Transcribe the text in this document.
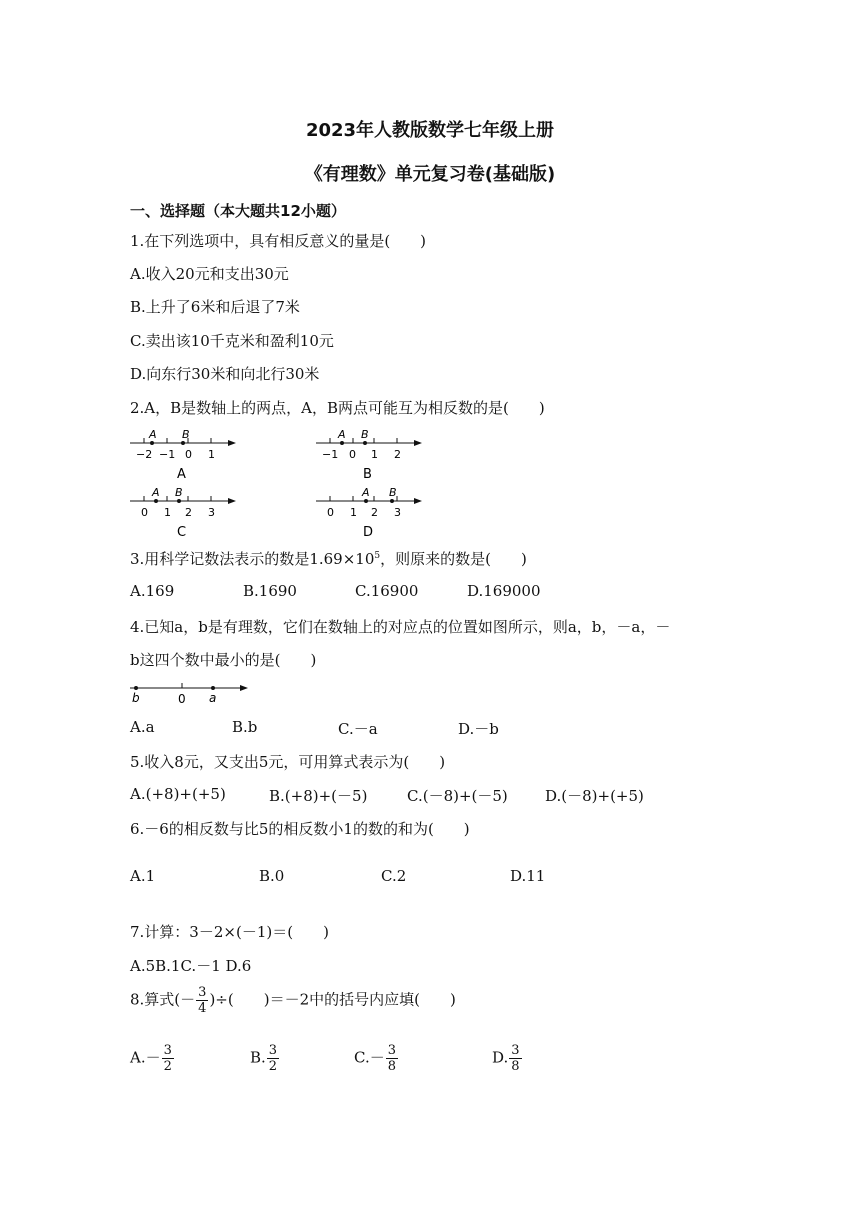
2023年人教版数学七年级上册
《有理数》单元复习卷(基础版)
一、选择题（本大题共12小题）
1.在下列选项中，具有相反意义的量是(　　)
A.收入20元和支出30元
B.上升了6米和后退了7米
C.卖出该10千克米和盈利10元
D.向东行30米和向北行30米
2.A，B是数轴上的两点，A，B两点可能互为相反数的是(　　)
A B
−2 −1 0 1
A
A B
−1 0 1 2
B
A B
0 1 2 3
C
A B
0 1 2 3
D
3.用科学记数法表示的数是$1.69\times 10^5$，则原来的数是(　　)
A.169	B.1690	C.16900	D.169000
4.已知a，b是有理数，它们在数轴上的对应点的位置如图所示，则a，b，－a，－
b这四个数中最小的是(　　)
b	0 a
A.a	B.b	C.－a	D.－b
5.收入8元，又支出5元，可用算式表示为(　　)
A.(+8)+(+5)	B.(+8)+(－5)	C.(－8)+(－5) D.(－8)+(+5)
6.－6的相反数与比5的相反数小1的数的和为(　　)
A.1	B.0	C.2	D.11
7.计算：3－2×(－1)＝(　　)
A.5B.1C.－1 D.6
8.算式(－ $\frac{3}{4}$ )÷(　　)＝－2中的括号内应填(　　)
$A.- \frac{3}{2}$	B. $\frac{3}{2}$	$C.- \frac{3}{8}$	D. $\frac{3}{8}$
